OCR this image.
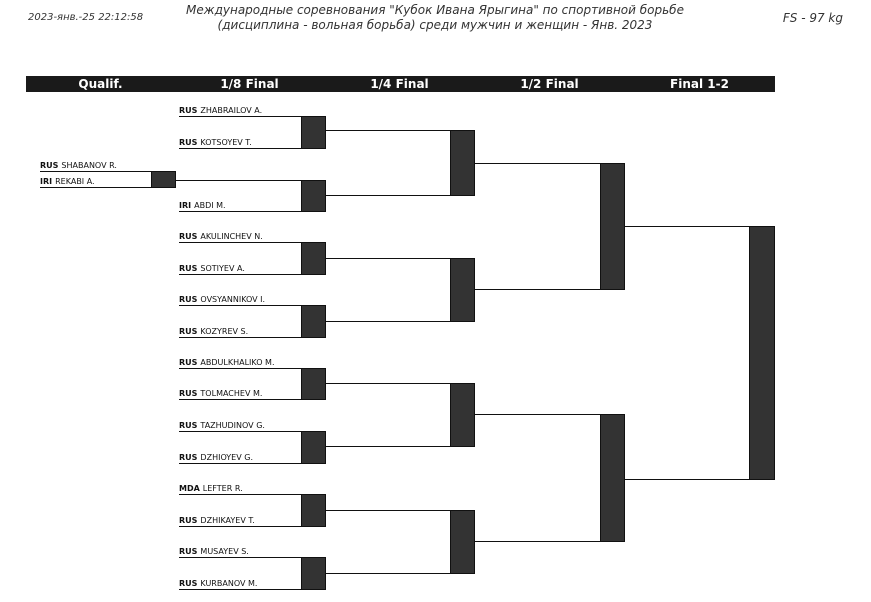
2023-янв.-25 22:12:58
Международные соревнования "Кубок Ивана Ярыгина" по спортивной борьбе
(дисциплина - вольная борьба) среди мужчин и женщин - Янв. 2023	FS - 97 kg
Qualif.	1/8 Final	1/4 Final	1/2 Final	Final 1-2
RUS SHABANOV R.
IRI REKABI A.
RUS ZHABRAILOV A.
RUS KOTSOYEV T.
IRI ABDI M.
RUS AKULINCHEV N.
RUS SOTIYEV A.
RUS OVSYANNIKOV I.
RUS KOZYREV S.
RUS ABDULKHALIKO M.
RUS TOLMACHEV M.
RUS TAZHUDINOV G.
RUS DZHIOYEV G.
MDA LEFTER R.
RUS DZHIKAYEV T.
RUS MUSAYEV S.
RUS KURBANOV M.
